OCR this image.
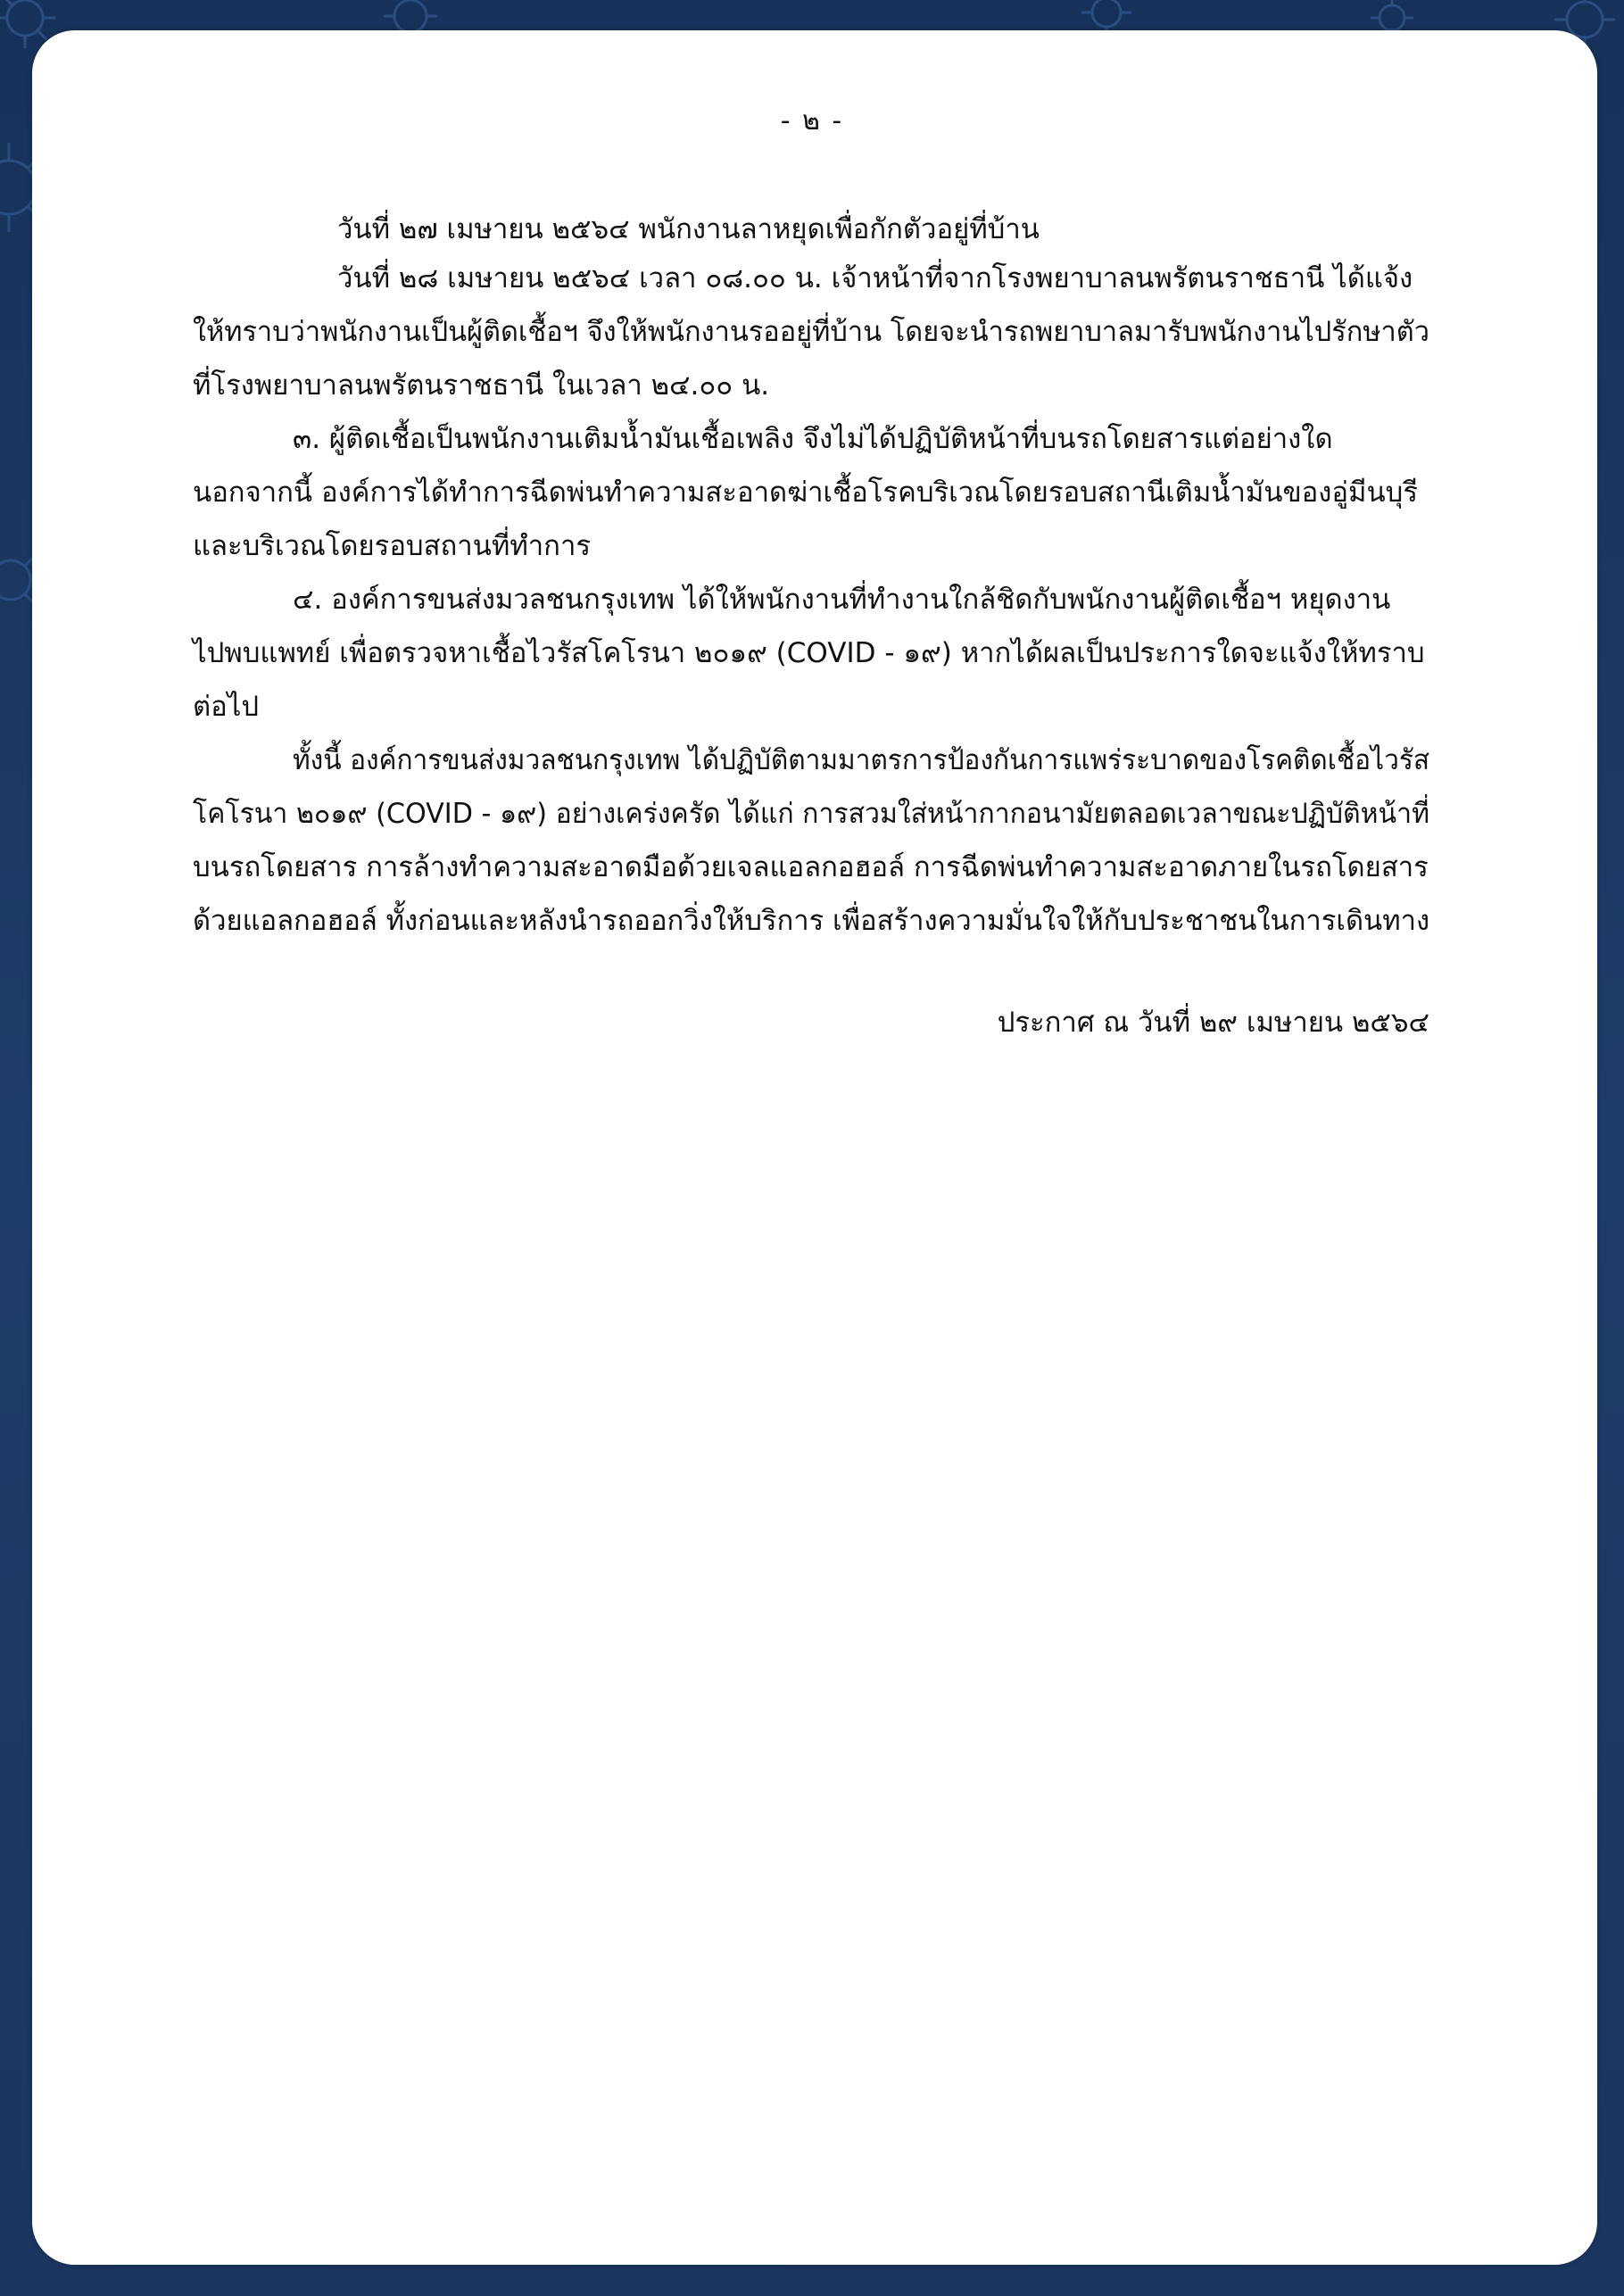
- ๒ -
วันที่ ๒๗ เมษายน ๒๕๖๔ พนักงานลาหยุดเพื่อกักตัวอยู่ที่บ้าน
วันที่ ๒๘ เมษายน ๒๕๖๔ เวลา ๐๘.๐๐ น. เจ้าหน้าที่จากโรงพยาบาลนพรัตนราชธานี ได้แจ้ง
ให้ทราบว่าพนักงานเป็นผู้ติดเชื้อฯ จึงให้พนักงานรออยู่ที่บ้าน โดยจะนำรถพยาบาลมารับพนักงานไปรักษาตัว
ที่โรงพยาบาลนพรัตนราชธานี ในเวลา ๒๔.๐๐ น.
๓. ผู้ติดเชื้อเป็นพนักงานเติมน้ำมันเชื้อเพลิง จึงไม่ได้ปฏิบัติหน้าที่บนรถโดยสารแต่อย่างใด
นอกจากนี้ องค์การได้ทำการฉีดพ่นทำความสะอาดฆ่าเชื้อโรคบริเวณโดยรอบสถานีเติมน้ำมันของอู่มีนบุรี
และบริเวณโดยรอบสถานที่ทำการ
๔. องค์การขนส่งมวลชนกรุงเทพ ได้ให้พนักงานที่ทำงานใกล้ชิดกับพนักงานผู้ติดเชื้อฯ หยุดงาน
ไปพบแพทย์ เพื่อตรวจหาเชื้อไวรัสโคโรนา ๒๐๑๙ (COVID - ๑๙) หากได้ผลเป็นประการใดจะแจ้งให้ทราบ
ต่อไป
ทั้งนี้ องค์การขนส่งมวลชนกรุงเทพ ได้ปฏิบัติตามมาตรการป้องกันการแพร่ระบาดของโรคติดเชื้อไวรัส
โคโรนา ๒๐๑๙ (COVID - ๑๙) อย่างเคร่งครัด ได้แก่ การสวมใส่หน้ากากอนามัยตลอดเวลาขณะปฏิบัติหน้าที่
บนรถโดยสาร การล้างทำความสะอาดมือด้วยเจลแอลกอฮอล์ การฉีดพ่นทำความสะอาดภายในรถโดยสาร
ด้วยแอลกอฮอล์ ทั้งก่อนและหลังนำรถออกวิ่งให้บริการ เพื่อสร้างความมั่นใจให้กับประชาชนในการเดินทาง
ประกาศ ณ วันที่ ๒๙ เมษายน ๒๕๖๔
